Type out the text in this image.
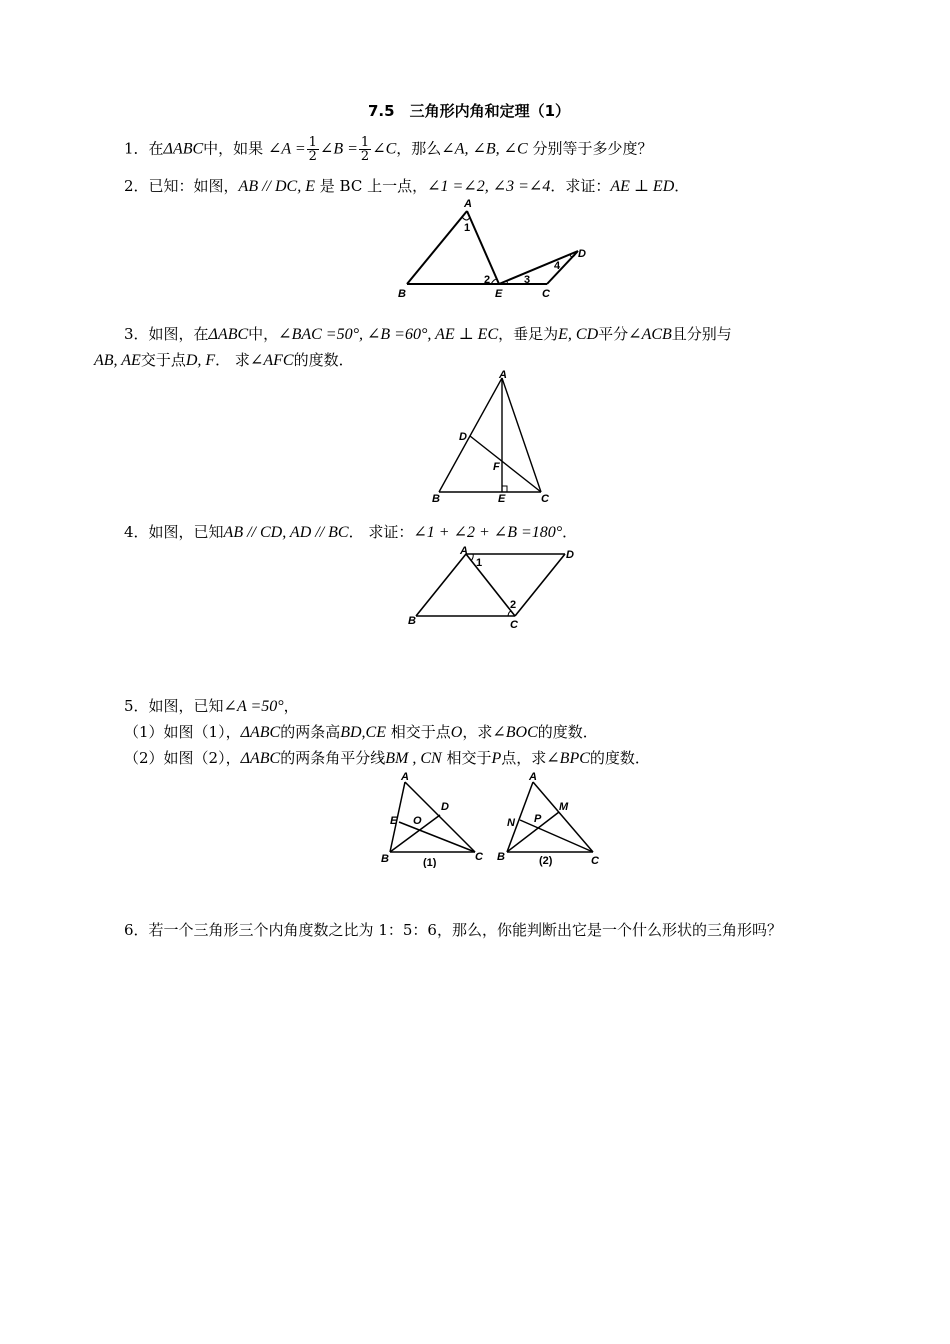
7.5　三角形内角和定理（1）
1．在ΔABC中，如果 ∠A = $\frac{1}{2}$ ∠B = $\frac{1}{2}$ ∠C，那么∠A, ∠B, ∠C 分别等于多少度？
2．已知：如图，AB // DC, E 是 BC 上一点，∠1 =∠2, ∠3 =∠4．求证：AE ⊥ ED．
A
B	C
D
E
1
2	3
4
3．如图，在ΔABC中，∠BAC =50°, ∠B =60°, AE ⊥ EC，垂足为E, CD平分∠ACB且分别与
AB, AE交于点D, F． 求∠AFC的度数．
A
B	C
D
E
F
4．如图，已知AB // CD, AD // BC． 求证：∠1 + ∠2 + ∠B =180°．
A
B	C
D
1
2
5．如图，已知∠A =50°，
（1）如图（1），ΔABC的两条高BD,CE 相交于点O，求∠BOC的度数．
（2）如图（2），ΔABC的两条角平分线BM , CN 相交于P点，求∠BPC的度数．
A
B	C
D
E O
(1)
A
B	C
M
N P
(2)
6．若一个三角形三个内角度数之比为 1：5：6，那么，你能判断出它是一个什么形状的三角形吗？
